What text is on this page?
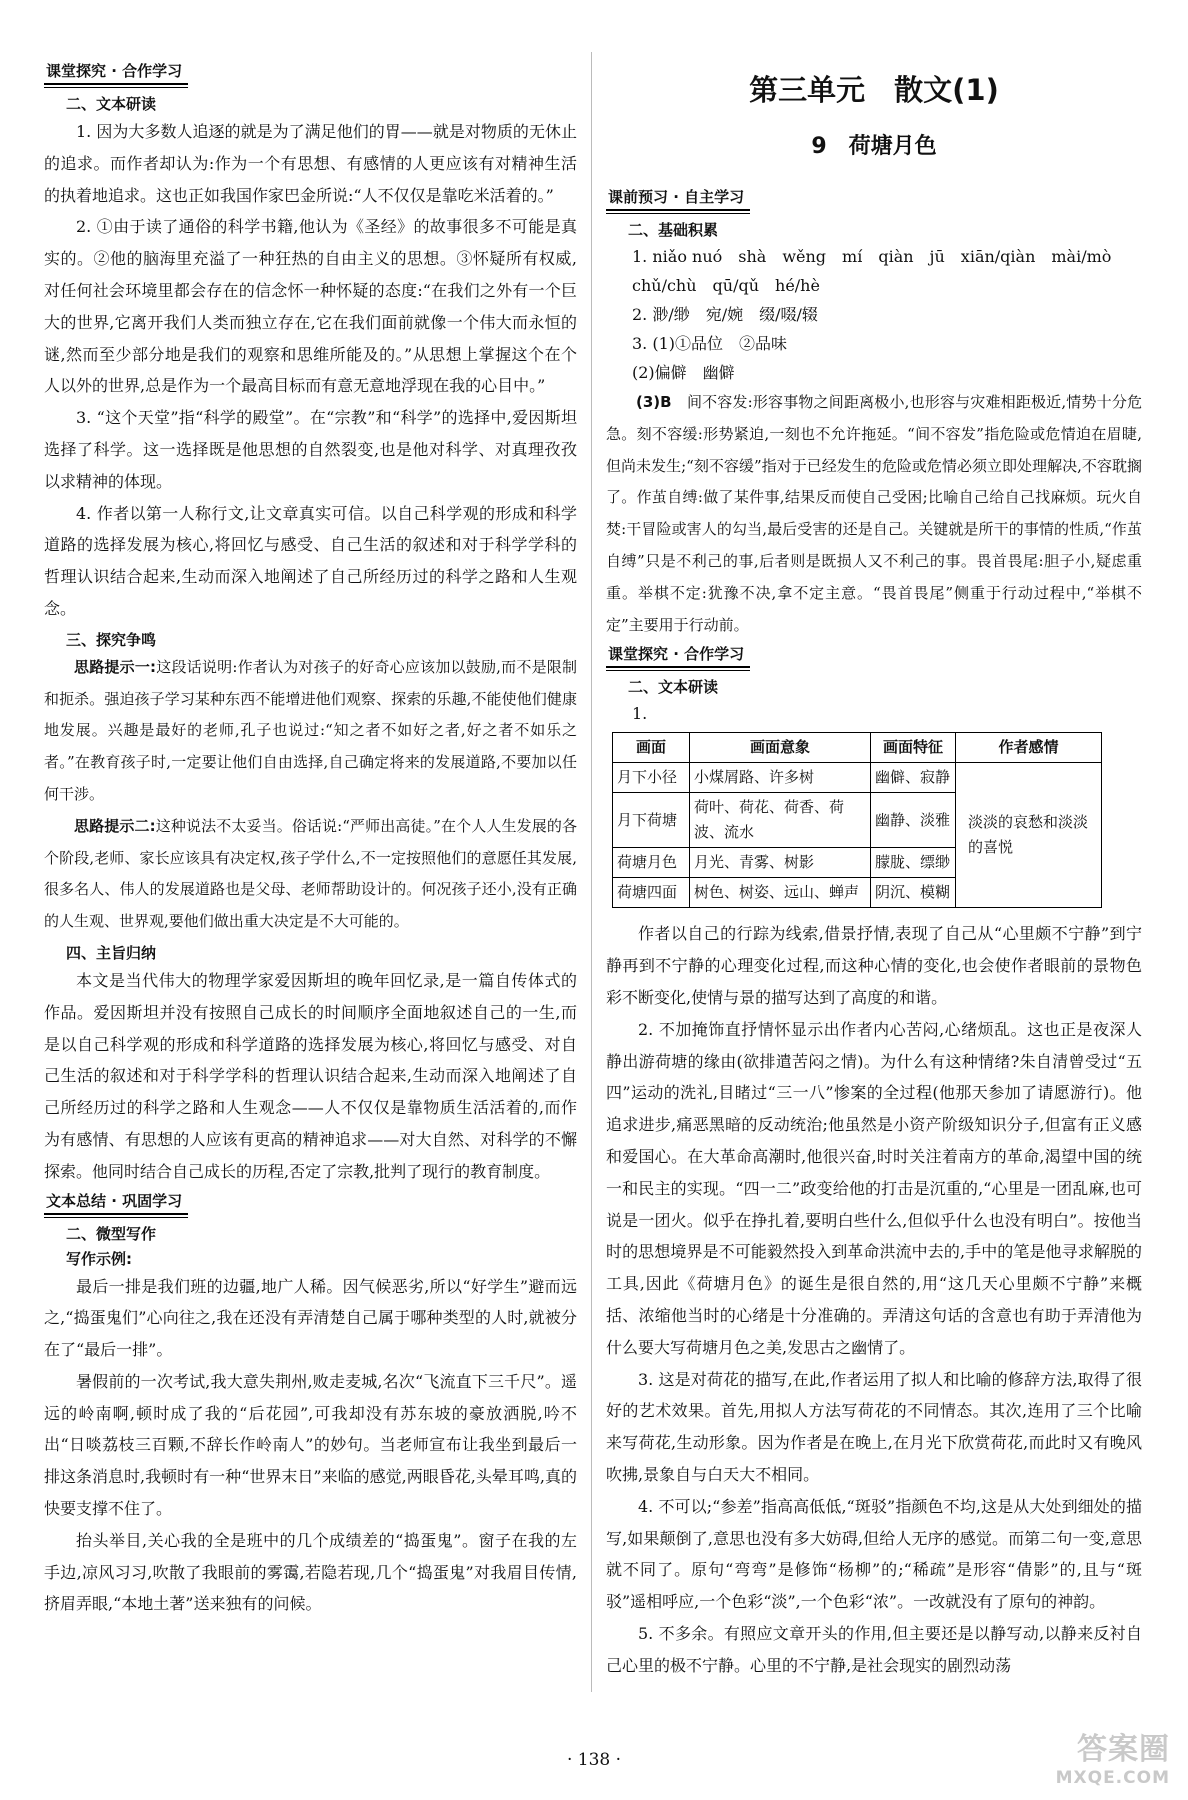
课堂探究 · 合作学习
二、文本研读

1. 因为大多数人追逐的就是为了满足他们的胃——就是对物质的无休止的追求。而作者却认为:作为一个有思想、有感情的人更应该有对精神生活的执着地追求。这也正如我国作家巴金所说:“人不仅仅是靠吃米活着的。”

2. ①由于读了通俗的科学书籍,他认为《圣经》的故事很多不可能是真实的。②他的脑海里充溢了一种狂热的自由主义的思想。③怀疑所有权威,对任何社会环境里都会存在的信念怀一种怀疑的态度:“在我们之外有一个巨大的世界,它离开我们人类而独立存在,它在我们面前就像一个伟大而永恒的谜,然而至少部分地是我们的观察和思维所能及的。”从思想上掌握这个在个人以外的世界,总是作为一个最高目标而有意无意地浮现在我的心目中。”

3. “这个天堂”指“科学的殿堂”。在“宗教”和“科学”的选择中,爱因斯坦选择了科学。这一选择既是他思想的自然裂变,也是他对科学、对真理孜孜以求精神的体现。

4. 作者以第一人称行文,让文章真实可信。以自己科学观的形成和科学道路的选择发展为核心,将回忆与感受、自己生活的叙述和对于科学学科的哲理认识结合起来,生动而深入地阐述了自己所经历过的科学之路和人生观念。

三、探究争鸣

思路提示一:这段话说明:作者认为对孩子的好奇心应该加以鼓励,而不是限制和扼杀。强迫孩子学习某种东西不能增进他们观察、探索的乐趣,不能使他们健康地发展。兴趣是最好的老师,孔子也说过:“知之者不如好之者,好之者不如乐之者。”在教育孩子时,一定要让他们自由选择,自己确定将来的发展道路,不要加以任何干涉。

思路提示二:这种说法不太妥当。俗话说:“严师出高徒。”在个人人生发展的各个阶段,老师、家长应该具有决定权,孩子学什么,不一定按照他们的意愿任其发展,很多名人、伟人的发展道路也是父母、老师帮助设计的。何况孩子还小,没有正确的人生观、世界观,要他们做出重大决定是不大可能的。

四、主旨归纳

本文是当代伟大的物理学家爱因斯坦的晚年回忆录,是一篇自传体式的作品。爱因斯坦并没有按照自己成长的时间顺序全面地叙述自己的一生,而是以自己科学观的形成和科学道路的选择发展为核心,将回忆与感受、对自己生活的叙述和对于科学学科的哲理认识结合起来,生动而深入地阐述了自己所经历过的科学之路和人生观念——人不仅仅是靠物质生活活着的,而作为有感情、有思想的人应该有更高的精神追求——对大自然、对科学的不懈探索。他同时结合自己成长的历程,否定了宗教,批判了现行的教育制度。

文本总结 · 巩固学习
二、微型写作
写作示例:

最后一排是我们班的边疆,地广人稀。因气候恶劣,所以“好学生”避而远之,“捣蛋鬼们”心向往之,我在还没有弄清楚自己属于哪种类型的人时,就被分在了“最后一排”。

暑假前的一次考试,我大意失荆州,败走麦城,名次“飞流直下三千尺”。遥远的岭南啊,顿时成了我的“后花园”,可我却没有苏东坡的豪放洒脱,吟不出“日啖荔枝三百颗,不辞长作岭南人”的妙句。当老师宣布让我坐到最后一排这条消息时,我顿时有一种“世界末日”来临的感觉,两眼昏花,头晕耳鸣,真的快要支撑不住了。

抬头举目,关心我的全是班中的几个成绩差的“捣蛋鬼”。窗子在我的左手边,凉风习习,吹散了我眼前的雾霭,若隐若现,几个“捣蛋鬼”对我眉目传情,挤眉弄眼,“本地土著”送来独有的问候。

第三单元　散文(1)
9　荷塘月色
课前预习 · 自主学习
二、基础积累
1. niǎo nuó　shà　wěng　mí　qiàn　jū　xiān/qiàn　mài/mò
chǔ/chù　qū/qǔ　hé/hè
2. 渺/缈　宛/婉　缀/啜/辍
3. (1)①品位　②品味
(2)偏僻　幽僻

(3)B　 间不容发:形容事物之间距离极小,也形容与灾难相距极近,情势十分危急。刻不容缓:形势紧迫,一刻也不允许拖延。“间不容发”指危险或危情迫在眉睫,但尚未发生;“刻不容缓”指对于已经发生的危险或危情必须立即处理解决,不容耽搁了。作茧自缚:做了某件事,结果反而使自己受困;比喻自己给自己找麻烦。玩火自焚:干冒险或害人的勾当,最后受害的还是自己。关键就是所干的事情的性质,“作茧自缚”只是不利己的事,后者则是既损人又不利己的事。畏首畏尾:胆子小,疑虑重重。举棋不定:犹豫不决,拿不定主意。“畏首畏尾”侧重于行动过程中,“举棋不定”主要用于行动前。

课堂探究 · 合作学习
二、文本研读
1.
画面	画面意象	画面特征	作者感情
月下小径	小煤屑路、许多树	幽僻、寂静	淡淡的哀愁和淡淡的喜悦
月下荷塘	荷叶、荷花、荷香、荷波、流水	幽静、淡雅	
荷塘月色	月光、青雾、树影	朦胧、缥缈	
荷塘四面	树色、树姿、远山、蝉声	阴沉、模糊	

作者以自己的行踪为线索,借景抒情,表现了自己从“心里颇不宁静”到宁静再到不宁静的心理变化过程,而这种心情的变化,也会使作者眼前的景物色彩不断变化,使情与景的描写达到了高度的和谐。

2. 不加掩饰直抒情怀显示出作者内心苦闷,心绪烦乱。这也正是夜深人静出游荷塘的缘由(欲排遣苦闷之情)。为什么有这种情绪?朱自清曾受过“五四”运动的洗礼,目睹过“三一八”惨案的全过程(他那天参加了请愿游行)。他追求进步,痛恶黑暗的反动统治;他虽然是小资产阶级知识分子,但富有正义感和爱国心。在大革命高潮时,他很兴奋,时时关注着南方的革命,渴望中国的统一和民主的实现。“四一二”政变给他的打击是沉重的,“心里是一团乱麻,也可说是一团火。似乎在挣扎着,要明白些什么,但似乎什么也没有明白”。按他当时的思想境界是不可能毅然投入到革命洪流中去的,手中的笔是他寻求解脱的工具,因此《荷塘月色》的诞生是很自然的,用“这几天心里颇不宁静”来概括、浓缩他当时的心绪是十分准确的。弄清这句话的含意也有助于弄清他为什么要大写荷塘月色之美,发思古之幽情了。

3. 这是对荷花的描写,在此,作者运用了拟人和比喻的修辞方法,取得了很好的艺术效果。首先,用拟人方法写荷花的不同情态。其次,连用了三个比喻来写荷花,生动形象。因为作者是在晚上,在月光下欣赏荷花,而此时又有晚风吹拂,景象自与白天大不相同。

4. 不可以;“参差”指高高低低,“斑驳”指颜色不均,这是从大处到细处的描写,如果颠倒了,意思也没有多大妨碍,但给人无序的感觉。而第二句一变,意思就不同了。原句“弯弯”是修饰“杨柳”的;“稀疏”是形容“倩影”的,且与“斑驳”遥相呼应,一个色彩“淡”,一个色彩“浓”。一改就没有了原句的神韵。

5. 不多余。有照应文章开头的作用,但主要还是以静写动,以静来反衬自己心里的极不宁静。心里的不宁静,是社会现实的剧烈动荡

· 138 ·	答案圈
MXQE.COM
